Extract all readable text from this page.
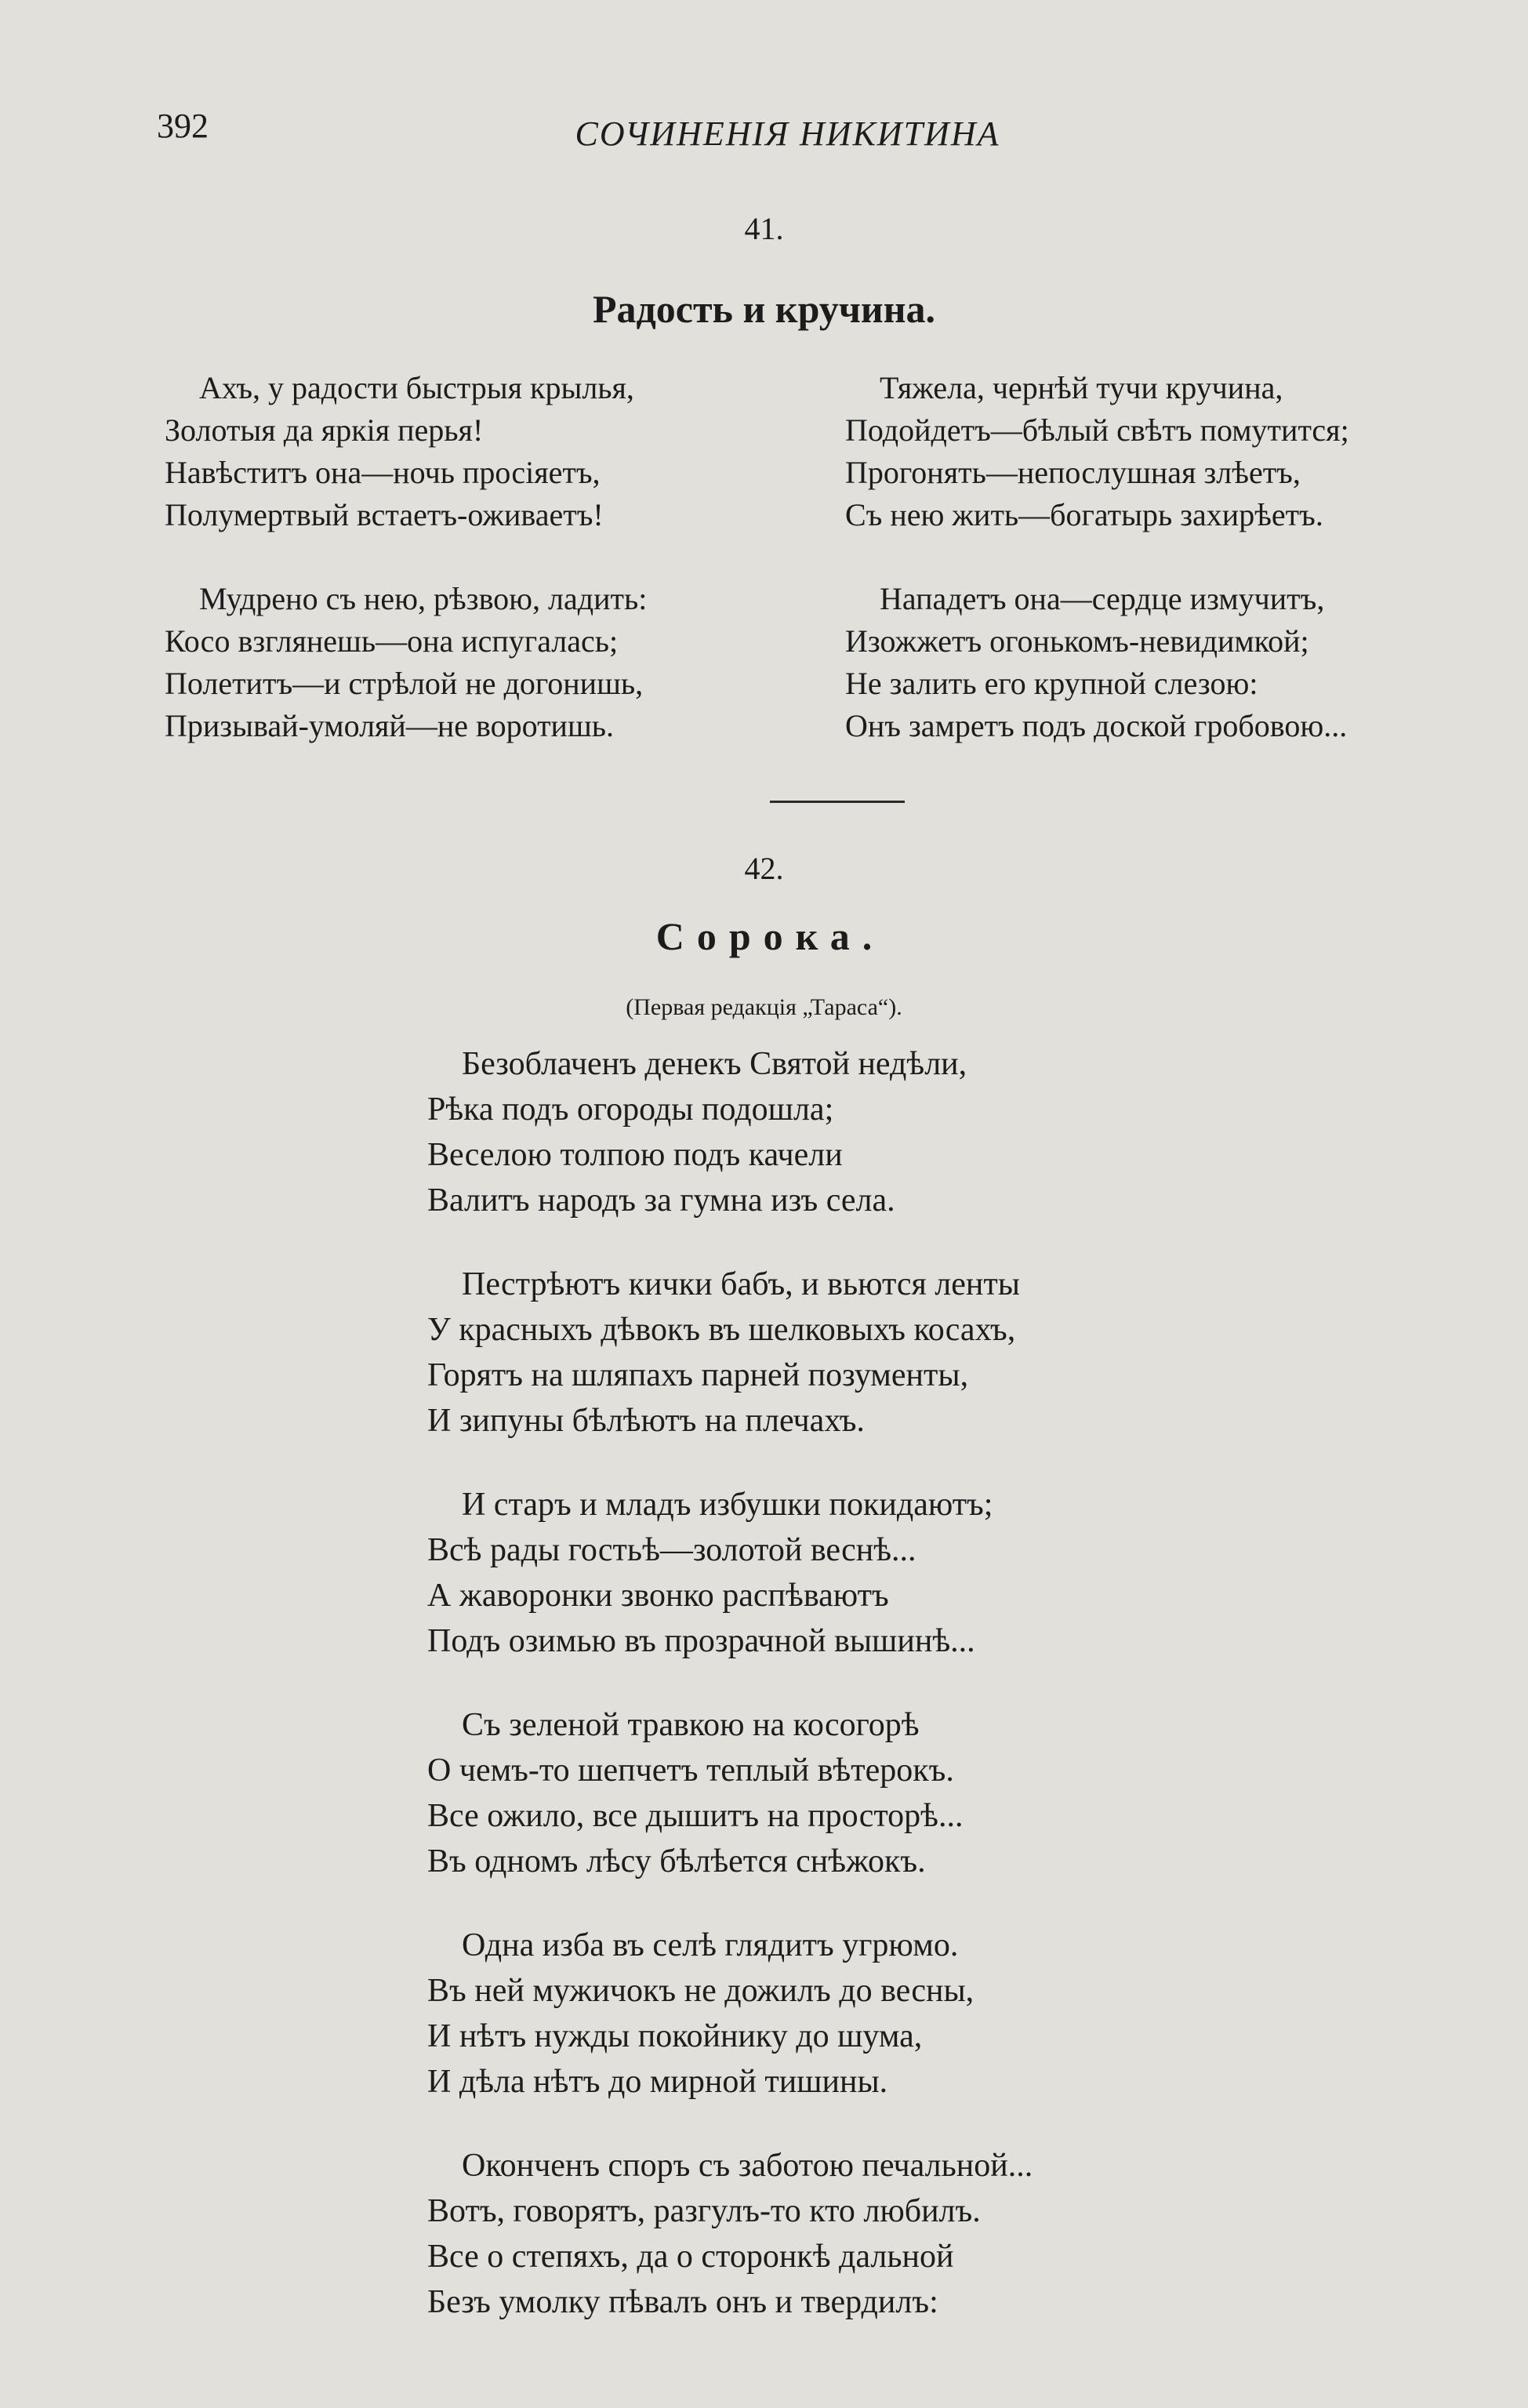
392	СОЧИНЕНIЯ НИКИТИНА
41.
Радость и кручина.
Ахъ, у радости быстрыя крылья,
Золотыя да яркія перья!
Навѣститъ она—ночь просіяетъ,
Полумертвый встаетъ-оживаетъ!
Мудрено съ нею, рѣзвою, ладить:
Косо взглянешь—она испугалась;
Полетитъ—и стрѣлой не догонишь,
Призывай-умоляй—не воротишь.
Тяжела, чернѣй тучи кручина,
Подойдетъ—бѣлый свѣтъ помутится;
Прогонять—непослушная злѣетъ,
Съ нею жить—богатырь захирѣетъ.
Нападетъ она—сердце измучитъ,
Изожжетъ огонькомъ-невидимкой;
Не залить его крупной слезою:
Онъ замретъ подъ доской гробовою...
42.
Сорока.
(Первая редакція „Тараса“).
Безоблаченъ денекъ Святой недѣли,
Рѣка подъ огороды подошла;
Веселою толпою подъ качели
Валитъ народъ за гумна изъ села.
Пестрѣютъ кички бабъ, и вьются ленты
У красныхъ дѣвокъ въ шелковыхъ косахъ,
Горятъ на шляпахъ парней позументы,
И зипуны бѣлѣютъ на плечахъ.
И старъ и младъ избушки покидаютъ;
Всѣ рады гостьѣ—золотой веснѣ...
А жаворонки звонко распѣваютъ
Подъ озимью въ прозрачной вышинѣ...
Съ зеленой травкою на косогорѣ
О чемъ-то шепчетъ теплый вѣтерокъ.
Все ожило, все дышитъ на просторѣ...
Въ одномъ лѣсу бѣлѣется снѣжокъ.
Одна изба въ селѣ глядитъ угрюмо.
Въ ней мужичокъ не дожилъ до весны,
И нѣтъ нужды покойнику до шума,
И дѣла нѣтъ до мирной тишины.
Оконченъ споръ съ заботою печальной...
Вотъ, говорятъ, разгулъ-то кто любилъ.
Все о степяхъ, да о сторонкѣ дальной
Безъ умолку пѣвалъ онъ и твердилъ:
